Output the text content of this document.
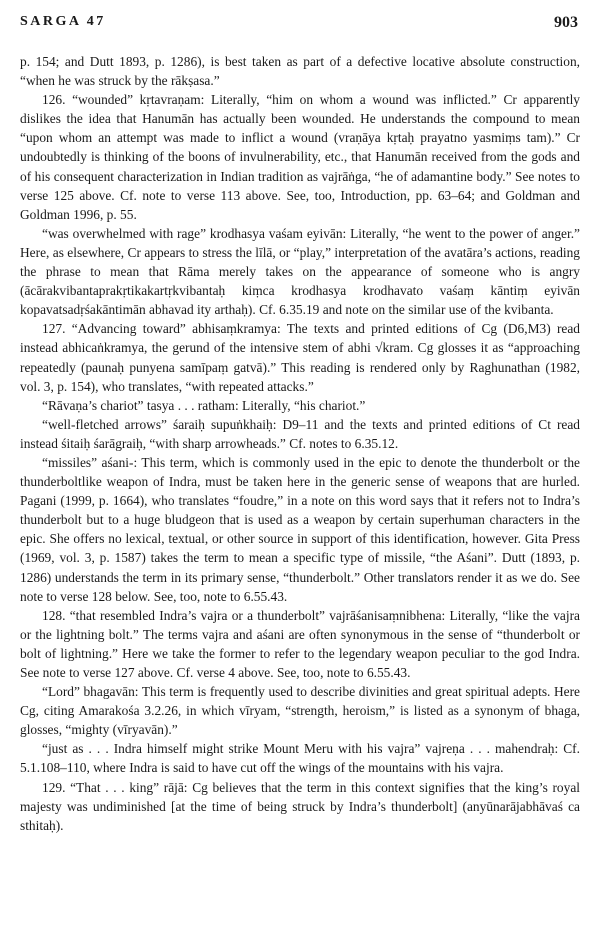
SARGA 47	903

p. 154; and Dutt 1893, p. 1286), is best taken as part of a defective locative absolute construction, “when he was struck by the rākṣasa.”

126. “wounded” kṛtavraṇam: Literally, “him on whom a wound was inflicted.” Cr apparently dislikes the idea that Hanumān has actually been wounded. He understands the compound to mean “upon whom an attempt was made to inflict a wound (vraṇāya kṛtaḥ prayatno yasmiṃs tam).” Cr undoubtedly is thinking of the boons of invulnerability, etc., that Hanumān received from the gods and of his consequent characterization in Indian tradition as vajrāṅga, “he of adamantine body.” See notes to verse 125 above. Cf. note to verse 113 above. See, too, Introduction, pp. 63–64; and Goldman and Goldman 1996, p. 55.

“was overwhelmed with rage” krodhasya vaśam eyivān: Literally, “he went to the power of anger.” Here, as elsewhere, Cr appears to stress the līlā, or “play,” interpretation of the avatāra’s actions, reading the phrase to mean that Rāma merely takes on the appearance of someone who is angry (ācārakvibantaprakṛtikakartṛkvibantaḥ kiṃca krodhasya krodhavato vaśaṃ kāntiṃ eyivān kopavatsadṛśakāntimān abhavad ity arthaḥ). Cf. 6.35.19 and note on the similar use of the kvibanta.

127. “Advancing toward” abhisaṃkramya: The texts and printed editions of Cg (D6,M3) read instead abhicaṅkramya, the gerund of the intensive stem of abhi √kram. Cg glosses it as “approaching repeatedly (paunaḥ punyena samīpaṃ gatvā).” This reading is rendered only by Raghunathan (1982, vol. 3, p. 154), who translates, “with repeated attacks.”

“Rāvaṇa’s chariot” tasya . . . ratham: Literally, “his chariot.”

“well-fletched arrows” śaraiḥ supuṅkhaiḥ: D9–11 and the texts and printed editions of Ct read instead śitaiḥ śarāgraiḥ, “with sharp arrowheads.” Cf. notes to 6.35.12.

“missiles” aśani-: This term, which is commonly used in the epic to denote the thunderbolt or the thunderboltlike weapon of Indra, must be taken here in the generic sense of weapons that are hurled. Pagani (1999, p. 1664), who translates “foudre,” in a note on this word says that it refers not to Indra’s thunderbolt but to a huge bludgeon that is used as a weapon by certain superhuman characters in the epic. She offers no lexical, textual, or other source in support of this identification, however. Gita Press (1969, vol. 3, p. 1587) takes the term to mean a specific type of missile, “the Aśani”. Dutt (1893, p. 1286) understands the term in its primary sense, “thunderbolt.” Other translators render it as we do. See note to verse 128 below. See, too, note to 6.55.43.

128. “that resembled Indra’s vajra or a thunderbolt” vajrāśanisaṃnibhena: Literally, “like the vajra or the lightning bolt.” The terms vajra and aśani are often synonymous in the sense of “thunderbolt or bolt of lightning.” Here we take the former to refer to the legendary weapon peculiar to the god Indra. See note to verse 127 above. Cf. verse 4 above. See, too, note to 6.55.43.

“Lord” bhagavān: This term is frequently used to describe divinities and great spiritual adepts. Here Cg, citing Amarakośa 3.2.26, in which vīryam, “strength, heroism,” is listed as a synonym of bhaga, glosses, “mighty (vīryavān).”

“just as . . . Indra himself might strike Mount Meru with his vajra” vajreṇa . . . mahendraḥ: Cf. 5.1.108–110, where Indra is said to have cut off the wings of the mountains with his vajra.

129. “That . . . king” rājā: Cg believes that the term in this context signifies that the king’s royal majesty was undiminished [at the time of being struck by Indra’s thunderbolt] (anyūnarājabhāvaś ca sthitaḥ).
